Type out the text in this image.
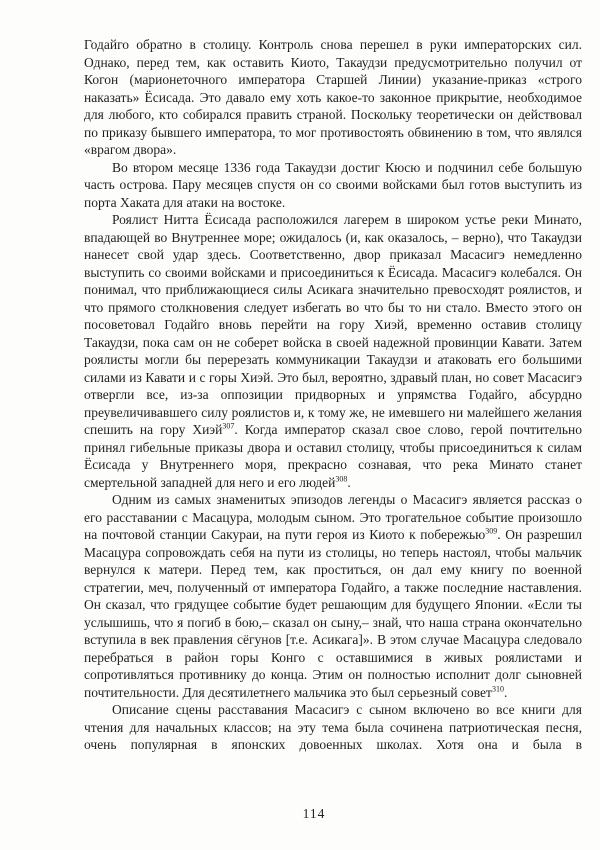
Годайго обратно в столицу. Контроль снова перешел в руки императорских сил. Однако, перед тем, как оставить Киото, Такаудзи предусмотрительно получил от Когон (марионеточного императора Старшей Линии) указание-приказ «строго наказать» Ёсисада. Это давало ему хоть какое-то законное прикрытие, необходимое для любого, кто собирался править страной. Поскольку теоретически он действовал по приказу бывшего императора, то мог противостоять обвинению в том, что являлся «врагом двора».

Во втором месяце 1336 года Такаудзи достиг Кюсю и подчинил себе большую часть острова. Пару месяцев спустя он со своими войсками был готов выступить из порта Хаката для атаки на востоке.

Роялист Нитта Ёсисада расположился лагерем в широком устье реки Минато, впадающей во Внутреннее море; ожидалось (и, как оказалось, – верно), что Такаудзи нанесет свой удар здесь. Соответственно, двор приказал Масасигэ немедленно выступить со своими войсками и присоединиться к Ёсисада. Масасигэ колебался. Он понимал, что приближающиеся силы Асикага значительно превосходят роялистов, и что прямого столкновения следует избегать во что бы то ни стало. Вместо этого он посоветовал Годайго вновь перейти на гору Хиэй, временно оставив столицу Такаудзи, пока сам он не соберет войска в своей надежной провинции Кавати. Затем роялисты могли бы перерезать коммуникации Такаудзи и атаковать его большими силами из Кавати и с горы Хиэй. Это был, вероятно, здравый план, но совет Масасигэ отвергли все, из-за оппозиции придворных и упрямства Годайго, абсурдно преувеличивавшего силу роялистов и, к тому же, не имевшего ни малейшего желания спешить на гору Хиэй$^{307}$. Когда император сказал свое слово, герой почтительно принял гибельные приказы двора и оставил столицу, чтобы присоединиться к силам Ёсисада у Внутреннего моря, прекрасно сознавая, что река Минато станет смертельной западней для него и его людей$^{308}$.

Одним из самых знаменитых эпизодов легенды о Масасигэ является рассказ о его расставании с Масацура, молодым сыном. Это трогательное событие произошло на почтовой станции Сакураи, на пути героя из Киото к побережью$^{309}$. Он разрешил Масацура сопровождать себя на пути из столицы, но теперь настоял, чтобы мальчик вернулся к матери. Перед тем, как проститься, он дал ему книгу по военной стратегии, меч, полученный от императора Годайго, а также последние наставления. Он сказал, что грядущее событие будет решающим для будущего Японии. «Если ты услышишь, что я погиб в бою,– сказал он сыну,– знай, что наша страна окончательно вступила в век правления сёгунов [т.е. Асикага]». В этом случае Масацура следовало перебраться в район горы Конго с оставшимися в живых роялистами и сопротивляться противнику до конца. Этим он полностью исполнит долг сыновней почтительности. Для десятилетнего мальчика это был серьезный совет$^{310}$.

Описание сцены расставания Масасигэ с сыном включено во все книги для чтения для начальных классов; на эту тема была сочинена патриотическая песня, очень популярная в японских довоенных школах. Хотя она и была в

114
